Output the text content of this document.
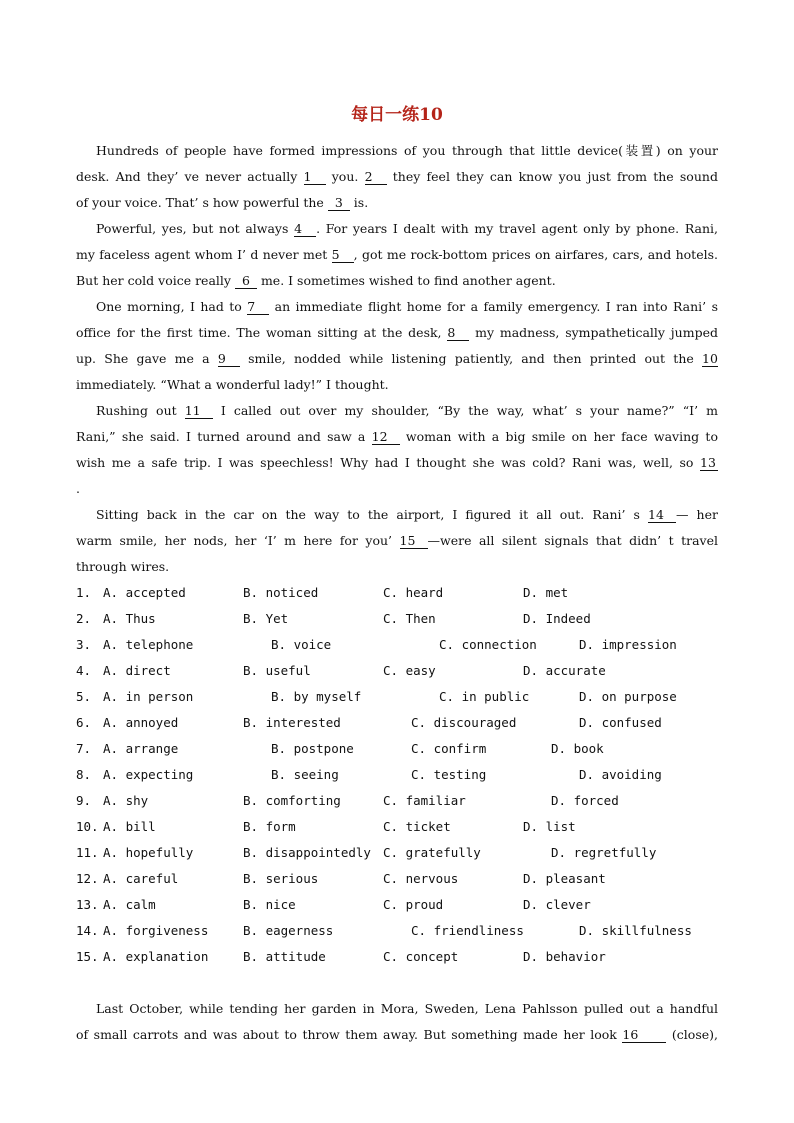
每日一练10
Hundreds of people have formed impressions of you through that little device(装置) on your
desk. And they’ ve never actually 1 you. 2 they feel they can know you just from the sound
of your voice. That’ s how powerful the 3 is.
Powerful, yes, but not always 4 . For years I dealt with my travel agent only by phone. Rani,
my faceless agent whom I’ d never met 5 , got me rock-bottom prices on airfares, cars, and hotels.
But her cold voice really 6 me. I sometimes wished to find another agent.
One morning, I had to 7 an immediate flight home for a family emergency. I ran into Rani’ s
office for the first time. The woman sitting at the desk, 8 my madness, sympathetically jumped
up. She gave me a 9 smile, nodded while listening patiently, and then printed out the 10
immediately. “What a wonderful lady!” I thought.
Rushing out 11 I called out over my shoulder, “By the way, what’ s your name?” “I’ m
Rani,” she said. I turned around and saw a 12 woman with a big smile on her face waving to
wish me a safe trip. I was speechless! Why had I thought she was cold? Rani was, well, so 13
.
Sitting back in the car on the way to the airport, I figured it all out. Rani’ s 14 — her
warm smile, her nods, her ‘I’ m here for you’ 15 —were all silent signals that didn’ t travel
through wires.
1. A. accepted	B. noticed	C. heard	D. met
2. A. Thus	B. Yet	C. Then	D. Indeed
3. A. telephone	B. voice	C. connection	D. impression
4. A. direct	B. useful	C. easy	D. accurate
5. A. in person	B. by myself	C. in public	D. on purpose
6. A. annoyed	B. interested	C. discouraged	D. confused
7. A. arrange	B. postpone	C. confirm	D. book
8. A. expecting	B. seeing	C. testing	D. avoiding
9. A. shy	B. comforting	C. familiar	D. forced
10. A. bill	B. form	C. ticket	D. list
11. A. hopefully	B. disappointedly C. gratefully	D. regretfully
12. A. careful	B. serious	C. nervous	D. pleasant
13. A. calm	B. nice	C. proud	D. clever
14. A. forgiveness	B. eagerness	C. friendliness	D. skillfulness
15. A. explanation	B. attitude	C. concept	D. behavior
Last October, while tending her garden in Mora, Sweden, Lena Pahlsson pulled out a handful
of small carrots and was about to throw them away. But something made her look 16	(close),
